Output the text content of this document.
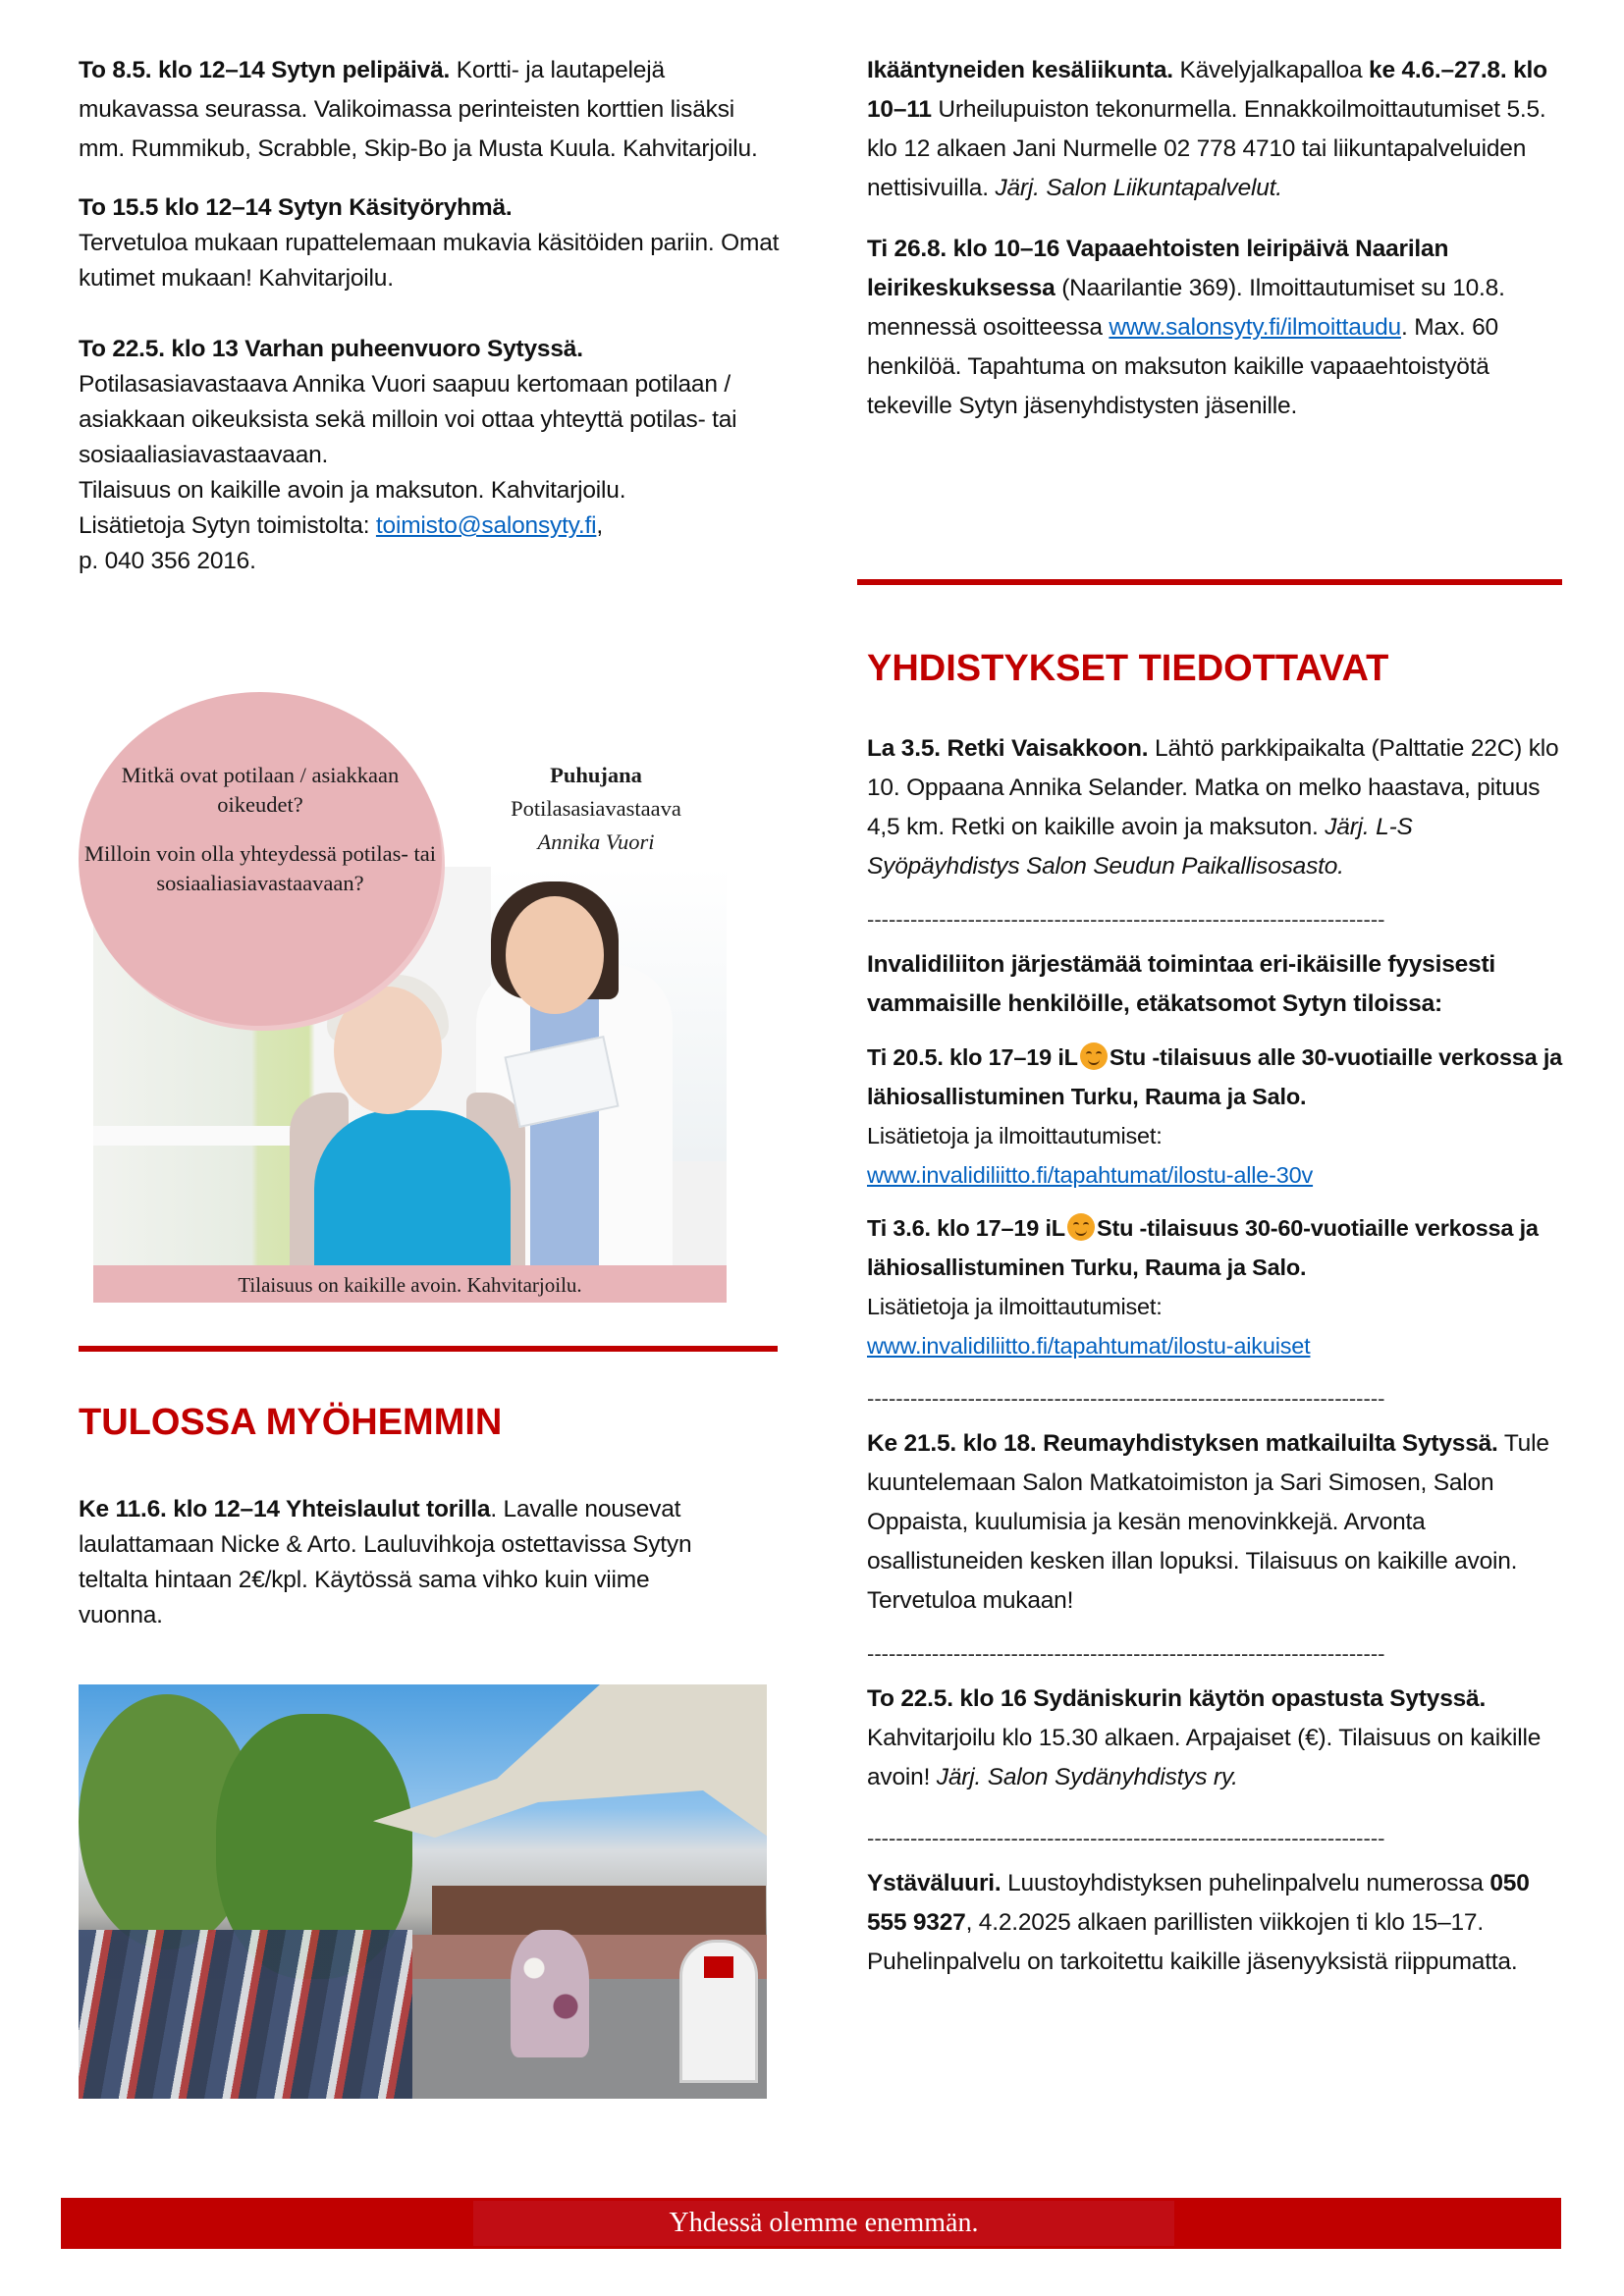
To 8.5. klo 12–14 Sytyn pelipäivä. Kortti- ja lautapelejä mukavassa seurassa. Valikoimassa perinteisten korttien lisäksi mm. Rummikub, Scrabble, Skip-Bo ja Musta Kuula. Kahvitarjoilu.

To 15.5 klo 12–14 Sytyn Käsityöryhmä.
Tervetuloa mukaan rupattelemaan mukavia käsitöiden pariin. Omat kutimet mukaan! Kahvitarjoilu.

To 22.5. klo 13 Varhan puheenvuoro Sytyssä.
Potilasasiavastaava Annika Vuori saapuu kertomaan potilaan / asiakkaan oikeuksista sekä milloin voi ottaa yhteyttä potilas- tai sosiaaliasiavastaavaan.
Tilaisuus on kaikille avoin ja maksuton. Kahvitarjoilu.
Lisätietoja Sytyn toimistolta: toimisto@salonsyty.fi,
p. 040 356 2016.

Mitkä ovat potilaan / asiakkaan oikeudet?
Milloin voin olla yhteydessä potilas- tai sosiaaliasiavastaavaan?
Puhujana
Potilasasiavastaava
Annika Vuori
Tilaisuus on kaikille avoin. Kahvitarjoilu.
TULOSSA MYÖHEMMIN

Ke 11.6. klo 12–14 Yhteislaulut torilla. Lavalle nousevat laulattamaan Nicke & Arto. Lauluvihkoja ostettavissa Sytyn teltalta hintaan 2€/kpl. Käytössä sama vihko kuin viime vuonna.

Ikääntyneiden kesäliikunta. Kävelyjalkapalloa ke 4.6.–27.8. klo 10–11 Urheilupuiston tekonurmella. Ennakkoilmoittautumiset 5.5. klo 12 alkaen Jani Nurmelle 02 778 4710 tai liikuntapalveluiden nettisivuilla. Järj. Salon Liikuntapalvelut.

Ti 26.8. klo 10–16 Vapaaehtoisten leiripäivä Naarilan leirikeskuksessa (Naarilantie 369). Ilmoittautumiset su 10.8. mennessä osoitteessa www.salonsyty.fi/ilmoittaudu. Max. 60 henkilöä. Tapahtuma on maksuton kaikille vapaaehtoistyötä tekeville Sytyn jäsenyhdistysten jäsenille.

YHDISTYKSET TIEDOTTAVAT

La 3.5. Retki Vaisakkoon. Lähtö parkkipaikalta (Palttatie 22C) klo 10. Oppaana Annika Selander. Matka on melko haastava, pituus 4,5 km. Retki on kaikille avoin ja maksuton. Järj. L-S Syöpäyhdistys Salon Seudun Paikallisosasto.

------------------------------------------------------------------------

Invalidiliiton järjestämää toimintaa eri-ikäisille fyysisesti vammaisille henkilöille, etäkatsomot Sytyn tiloissa:

Ti 20.5. klo 17–19 iL Stu -tilaisuus alle 30-vuotiaille verkossa ja lähiosallistuminen Turku, Rauma ja Salo.
Lisätietoja ja ilmoittautumiset:
www.invalidiliitto.fi/tapahtumat/ilostu-alle-30v

Ti 3.6. klo 17–19 iL Stu -tilaisuus 30-60-vuotiaille verkossa ja lähiosallistuminen Turku, Rauma ja Salo.
Lisätietoja ja ilmoittautumiset:
www.invalidiliitto.fi/tapahtumat/ilostu-aikuiset

------------------------------------------------------------------------

Ke 21.5. klo 18. Reumayhdistyksen matkailuilta Sytyssä. Tule kuuntelemaan Salon Matkatoimiston ja Sari Simosen, Salon Oppaista, kuulumisia ja kesän menovinkkejä. Arvonta osallistuneiden kesken illan lopuksi. Tilaisuus on kaikille avoin. Tervetuloa mukaan!

------------------------------------------------------------------------

To 22.5. klo 16 Sydäniskurin käytön opastusta Sytyssä. Kahvitarjoilu klo 15.30 alkaen. Arpajaiset (€). Tilaisuus on kaikille avoin! Järj. Salon Sydänyhdistys ry.

------------------------------------------------------------------------

Ystäväluuri. Luustoyhdistyksen puhelinpalvelu numerossa 050 555 9327, 4.2.2025 alkaen parillisten viikkojen ti klo 15–17. Puhelinpalvelu on tarkoitettu kaikille jäsenyyksistä riippumatta.

Yhdessä olemme enemmän.
